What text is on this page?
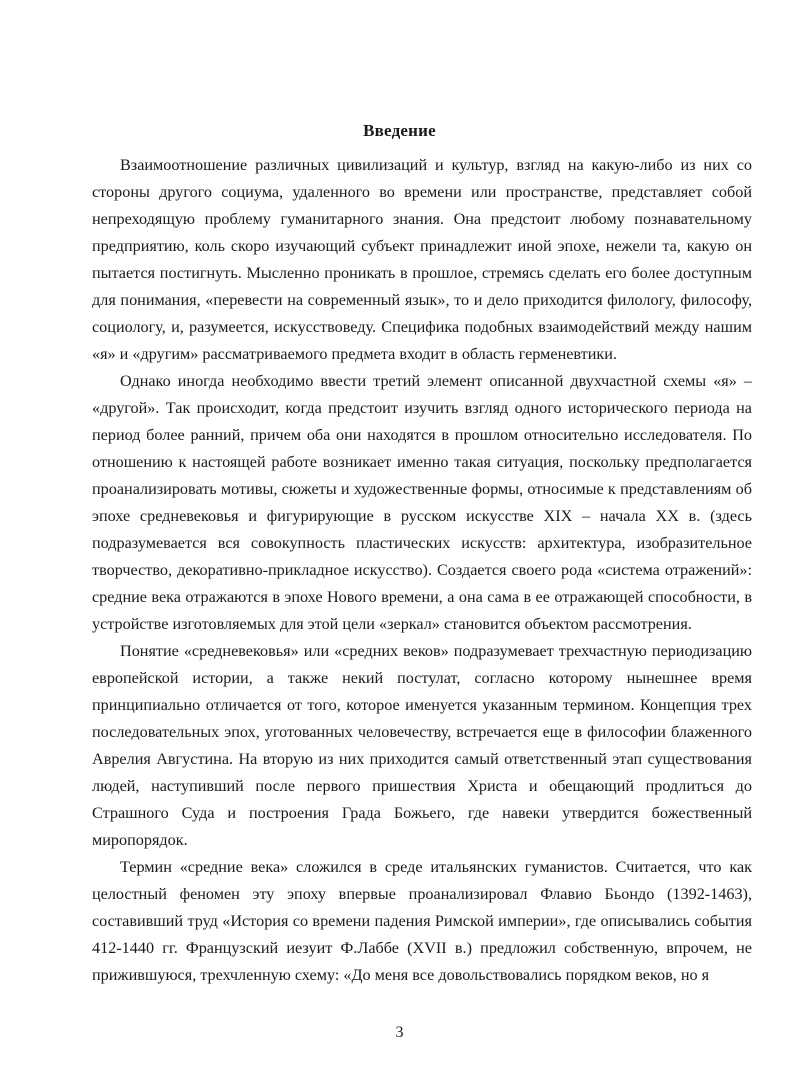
Введение

Взаимоотношение различных цивилизаций и культур, взгляд на какую-либо из них со стороны другого социума, удаленного во времени или пространстве, представляет собой непреходящую проблему гуманитарного знания. Она предстоит любому познавательному предприятию, коль скоро изучающий субъект принадлежит иной эпохе, нежели та, какую он пытается постигнуть. Мысленно проникать в прошлое, стремясь сделать его более доступным для понимания, «перевести на современный язык», то и дело приходится филологу, философу, социологу, и, разумеется, искусствоведу. Специфика подобных взаимодействий между нашим «я» и «другим» рассматриваемого предмета входит в область герменевтики.

Однако иногда необходимо ввести третий элемент описанной двухчастной схемы «я» – «другой». Так происходит, когда предстоит изучить взгляд одного исторического периода на период более ранний, причем оба они находятся в прошлом относительно исследователя. По отношению к настоящей работе возникает именно такая ситуация, поскольку предполагается проанализировать мотивы, сюжеты и художественные формы, относимые к представлениям об эпохе средневековья и фигурирующие в русском искусстве XIX – начала XX в. (здесь подразумевается вся совокупность пластических искусств: архитектура, изобразительное творчество, декоративно-прикладное искусство). Создается своего рода «система отражений»: средние века отражаются в эпохе Нового времени, а она сама в ее отражающей способности, в устройстве изготовляемых для этой цели «зеркал» становится объектом рассмотрения.

Понятие «средневековья» или «средних веков» подразумевает трехчастную периодизацию европейской истории, а также некий постулат, согласно которому нынешнее время принципиально отличается от того, которое именуется указанным термином. Концепция трех последовательных эпох, уготованных человечеству, встречается еще в философии блаженного Аврелия Августина. На вторую из них приходится самый ответственный этап существования людей, наступивший после первого пришествия Христа и обещающий продлиться до Страшного Суда и построения Града Божьего, где навеки утвердится божественный миропорядок.

Термин «средние века» сложился в среде итальянских гуманистов. Считается, что как целостный феномен эту эпоху впервые проанализировал Флавио Бьондо (1392-1463), составивший труд «История со времени падения Римской империи», где описывались события 412-1440 гг. Французский иезуит Ф.Лаббе (XVII в.) предложил собственную, впрочем, не прижившуюся, трехчленную схему: «До меня все довольствовались порядком веков, но я

3
